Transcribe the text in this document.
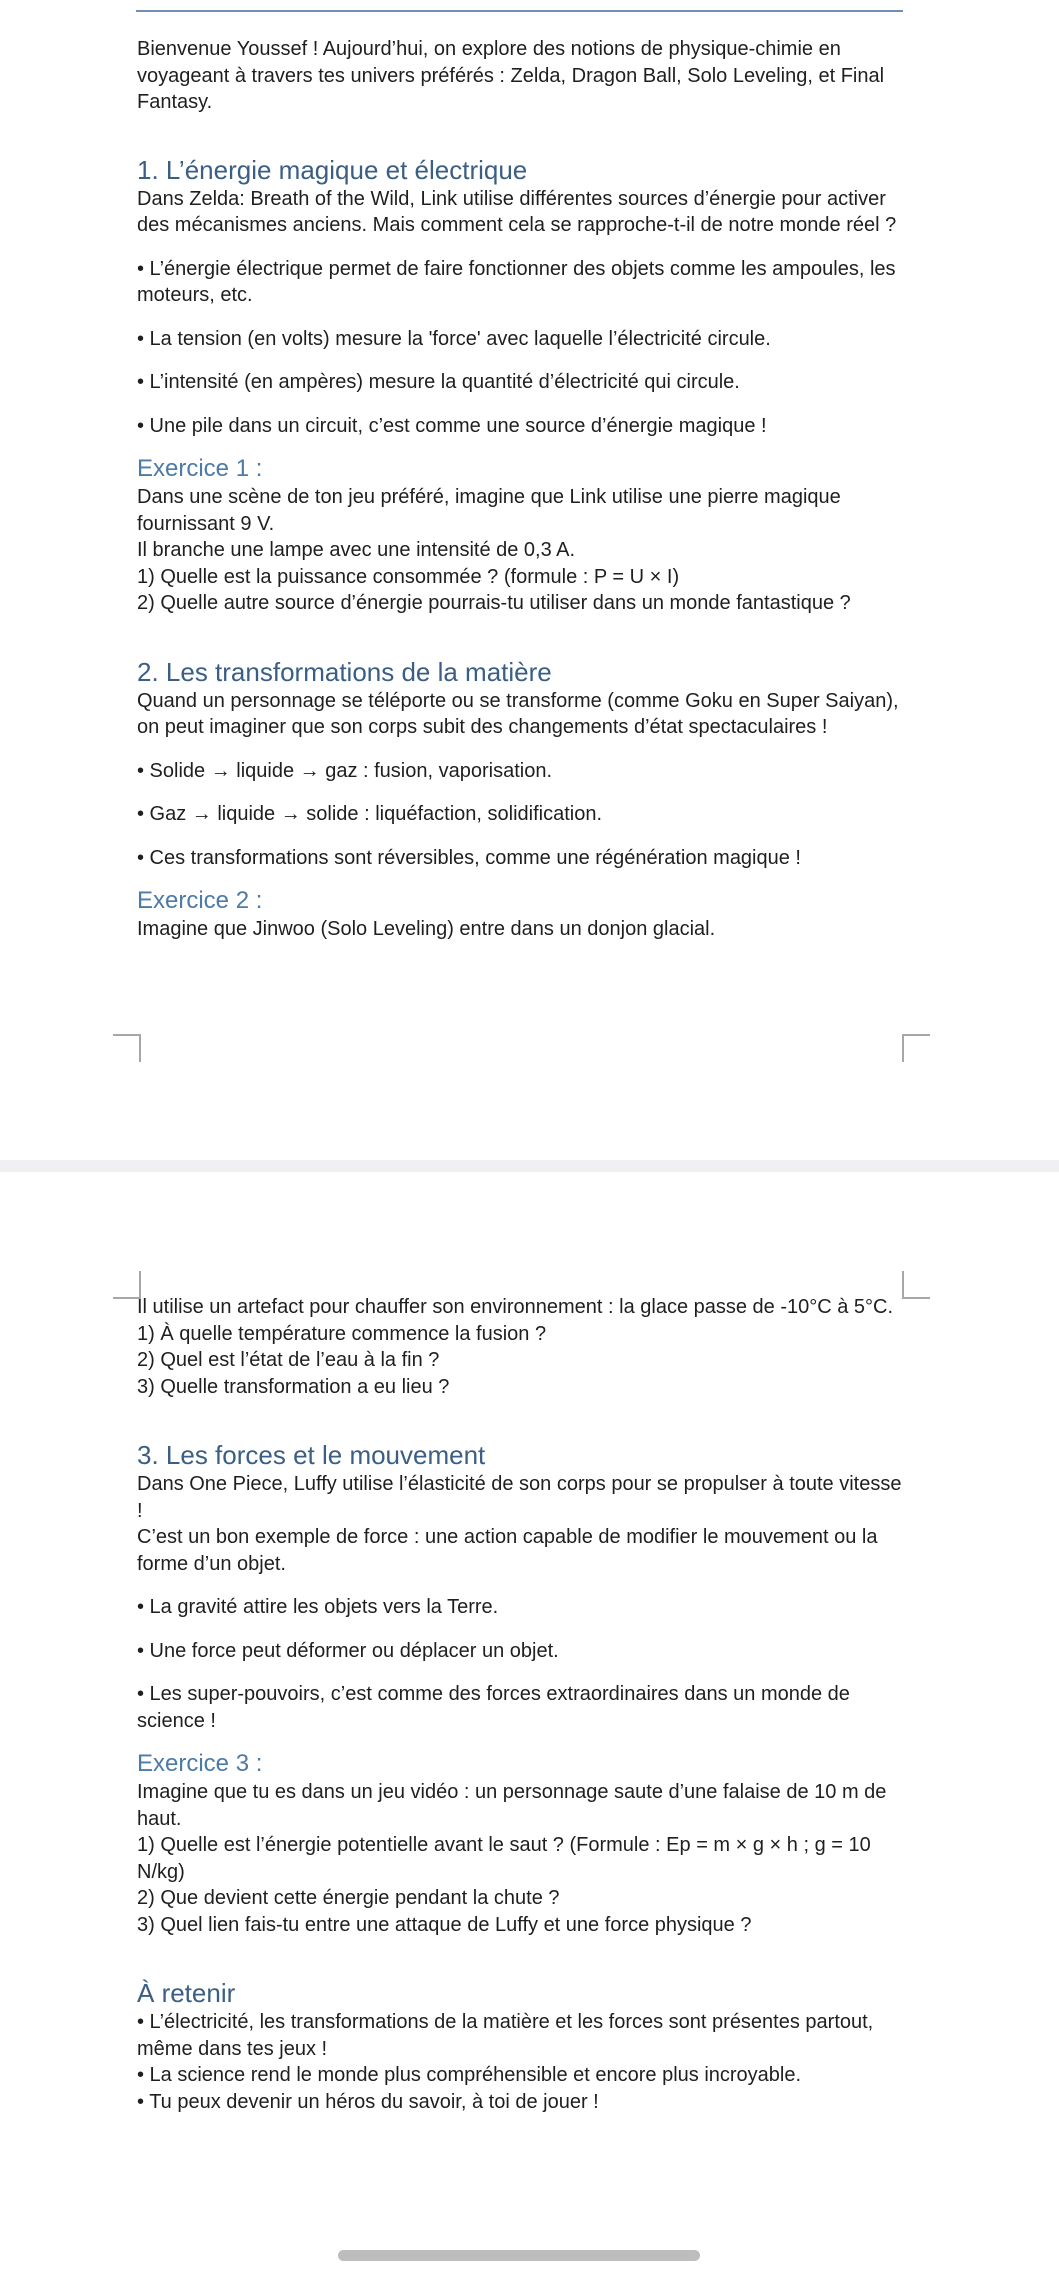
Bienvenue Youssef ! Aujourd’hui, on explore des notions de physique-chimie en voyageant à travers tes univers préférés : Zelda, Dragon Ball, Solo Leveling, et Final Fantasy.

1. L’énergie magique et électrique

Dans Zelda: Breath of the Wild, Link utilise différentes sources d’énergie pour activer des mécanismes anciens. Mais comment cela se rapproche-t-il de notre monde réel ?

• L’énergie électrique permet de faire fonctionner des objets comme les ampoules, les moteurs, etc.

• La tension (en volts) mesure la 'force' avec laquelle l’électricité circule.

• L’intensité (en ampères) mesure la quantité d’électricité qui circule.

• Une pile dans un circuit, c’est comme une source d’énergie magique !

Exercice 1 :

Dans une scène de ton jeu préféré, imagine que Link utilise une pierre magique fournissant 9 V.

Il branche une lampe avec une intensité de 0,3 A.

1) Quelle est la puissance consommée ? (formule : P = U × I)

2) Quelle autre source d’énergie pourrais-tu utiliser dans un monde fantastique ?

2. Les transformations de la matière

Quand un personnage se téléporte ou se transforme (comme Goku en Super Saiyan), on peut imaginer que son corps subit des changements d’état spectaculaires !

• Solide → liquide → gaz : fusion, vaporisation.

• Gaz → liquide → solide : liquéfaction, solidification.

• Ces transformations sont réversibles, comme une régénération magique !

Exercice 2 :

Imagine que Jinwoo (Solo Leveling) entre dans un donjon glacial.

Il utilise un artefact pour chauffer son environnement : la glace passe de -10°C à 5°C.

1) À quelle température commence la fusion ?

2) Quel est l’état de l’eau à la fin ?

3) Quelle transformation a eu lieu ?

3. Les forces et le mouvement

Dans One Piece, Luffy utilise l’élasticité de son corps pour se propulser à toute vitesse !

C’est un bon exemple de force : une action capable de modifier le mouvement ou la forme d’un objet.

• La gravité attire les objets vers la Terre.

• Une force peut déformer ou déplacer un objet.

• Les super-pouvoirs, c’est comme des forces extraordinaires dans un monde de science !

Exercice 3 :

Imagine que tu es dans un jeu vidéo : un personnage saute d’une falaise de 10 m de haut.

1) Quelle est l’énergie potentielle avant le saut ? (Formule : Ep = m × g × h ; g = 10 N/kg)

2) Que devient cette énergie pendant la chute ?

3) Quel lien fais-tu entre une attaque de Luffy et une force physique ?

À retenir

• L’électricité, les transformations de la matière et les forces sont présentes partout, même dans tes jeux !

• La science rend le monde plus compréhensible et encore plus incroyable.

• Tu peux devenir un héros du savoir, à toi de jouer !
